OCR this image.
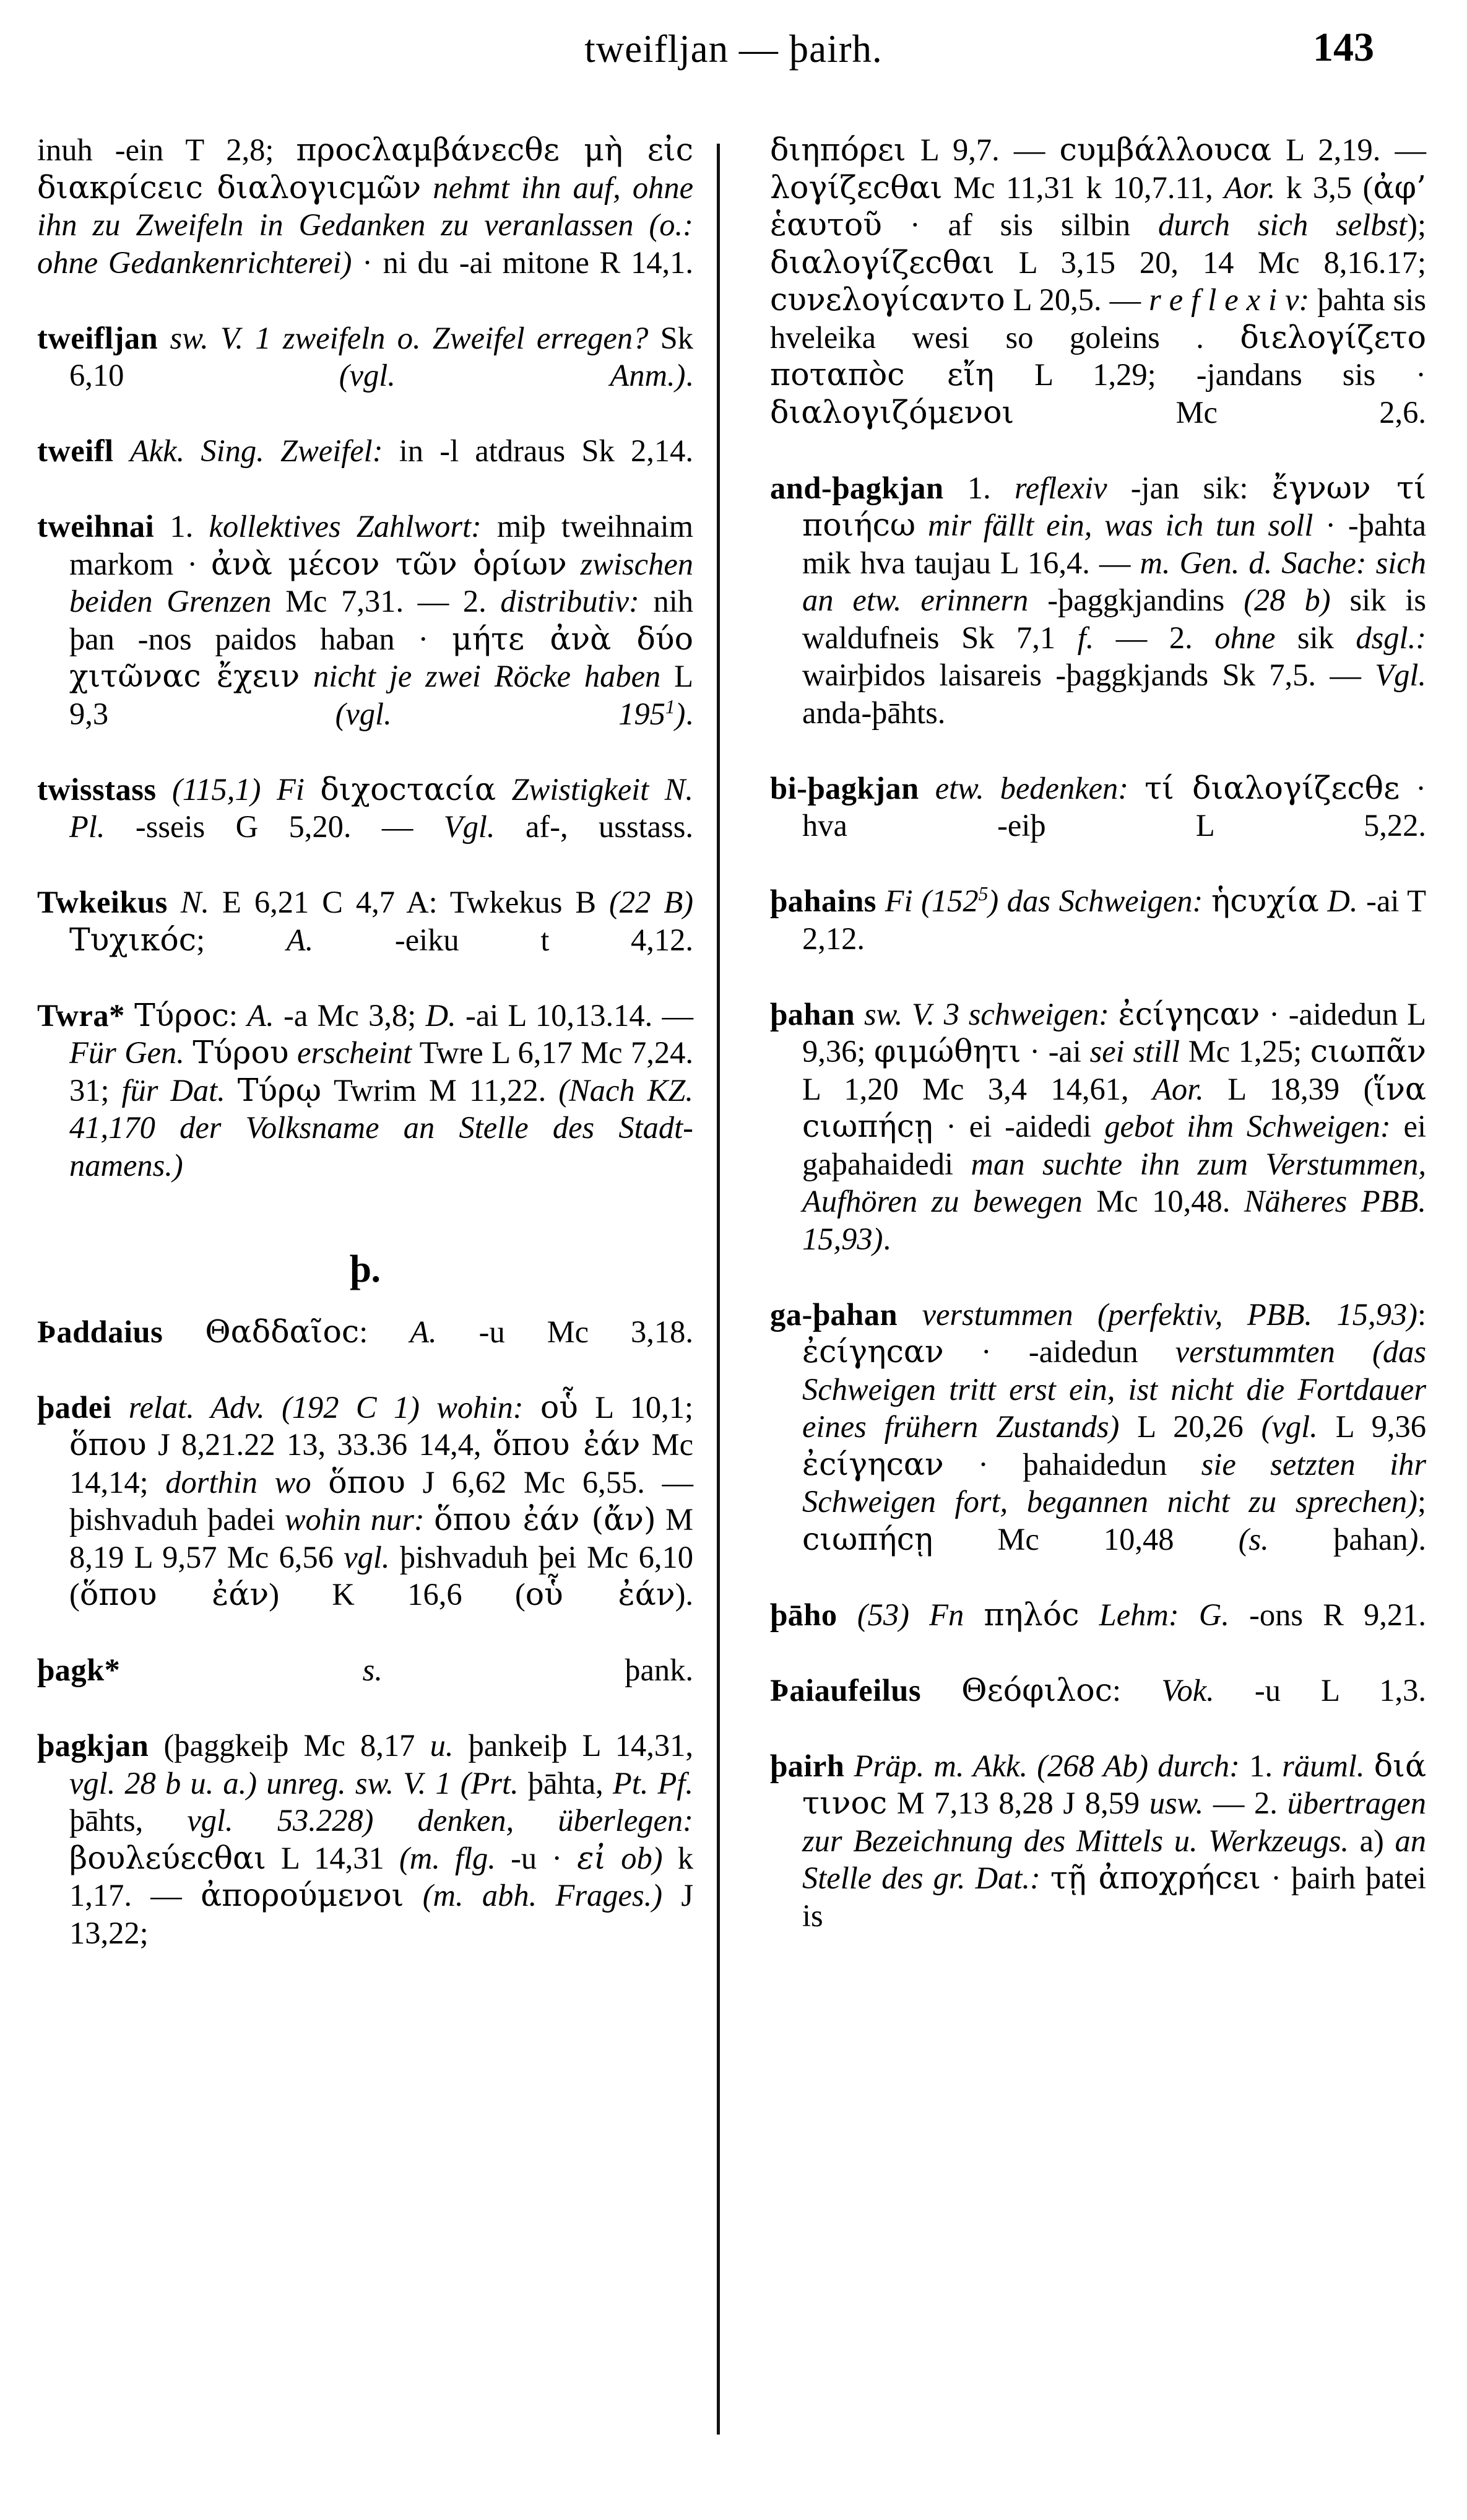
tweifljan — þairh.	143
inuh -ein T 2,8; προϲλαμβάνεϲθε μὴ εἰϲ διακρίϲειϲ διαλογιϲμῶν nehmt ihn auf, ohne ihn zu Zweifeln in Gedanken zu veranlassen (o.: ohne Gedankenrichterei) · ni du -ai mitone R 14,1.
tweifljan sw. V. 1 zweifeln o. Zweifel erregen? Sk 6,10 (vgl. Anm.).
tweifl Akk. Sing. Zweifel: in -l atdraus Sk 2,14.
tweihnai 1. kollektives Zahlwort: miþ tweihnaim markom · ἀνὰ μέϲον τῶν ὁρίων zwischen beiden Grenzen Mc 7,31. — 2. distributiv: nih þan -nos paidos haban · μήτε ἀνὰ δύο χιτῶναϲ ἔχειν nicht je zwei Röcke haben L 9,3 (vgl. $195^1$).
twisstass (115,1) Fi διχοϲταϲία Zwistigkeit N. Pl. -sseis G 5,20. — Vgl. af-, usstass.
Twkeikus N. E 6,21 C 4,7 A: Twkekus B (22 B) Τυχικόϲ; A. -eiku t 4,12.
Twra* Τύροϲ: A. -a Mc 3,8; D. -ai L 10,13.14. — Für Gen. Τύρου erscheint Twre L 6,17 Mc 7,24. 31; für Dat. Τύρῳ Twrim M 11,22. (Nach KZ. 41,170 der Volksname an Stelle des Stadtnamens.)
þ.
Þaddaius Θαδδαῖοϲ: A. -u Mc 3,18.
þadei relat. Adv. (192 C 1) wohin: οὗ L 10,1; ὅπου J 8,21.22 13, 33.36 14,4, ὅπου ἐάν Mc 14,14; dorthin wo ὅπου J 6,62 Mc 6,55. — þishvaduh þadei wohin nur: ὅπου ἐάν (ἄν) M 8,19 L 9,57 Mc 6,56 vgl. þishvaduh þei Mc 6,10 (ὅπου ἐάν) K 16,6 (οὗ ἐάν).
þagk*	s. þank.
þagkjan (þaggkeiþ Mc 8,17 u. þankeiþ L 14,31, vgl. 28 b u. a.) unreg. sw. V. 1 (Prt. þāhta, Pt. Pf. þāhts, vgl. 53.228) denken, überlegen: βουλεύεϲθαι L 14,31 (m. flg. -u · εἰ ob) k 1,17. — ἀπορούμενοι (m. abh. Frages.) J 13,22;
διηπόρει L 9,7. — ϲυμβάλλουϲα L 2,19. — λογίζεϲθαι Mc 11,31 k 10,7.11, Aor. k 3,5 (ἀφ’ ἑαυτοῦ · af sis silbin durch sich selbst); διαλογίζεϲθαι L 3,15 20, 14 Mc 8,16.17; ϲυνελογίϲαντο L 20,5. — r e f l e x i v: þahta sis hveleika wesi so goleins . διελογίζετο ποταπὸϲ εἴη L 1,29; -jandans sis · διαλογιζόμενοι Mc 2,6.
and-þagkjan 1. reflexiv -jan sik: ἔγνων τί ποιήϲω mir fällt ein, was ich tun soll · -þahta mik hva taujau L 16,4. — m. Gen. d. Sache: sich an etw. erinnern -þaggkjandins (28 b) sik is waldufneis Sk 7,1 f. — 2. ohne sik dsgl.: wairþidos laisareis -þaggkjands Sk 7,5. — Vgl. anda-þāhts.
bi-þagkjan etw. bedenken: τί διαλογίζεϲθε · hva -eiþ L 5,22.
þahains Fi $(152^5)$ das Schweigen: ἡϲυχία D. -ai T 2,12.
þahan sw. V. 3 schweigen: ἐϲίγηϲαν · -aidedun L 9,36; φιμώθητι · -ai sei still Mc 1,25; ϲιωπᾶν L 1,20 Mc 3,4 14,61, Aor. L 18,39 (ἵνα ϲιωπήϲῃ · ei -aidedi gebot ihm Schweigen: ei gaþahaidedi man suchte ihn zum Verstummen, Aufhören zu bewegen Mc 10,48. Näheres PBB. 15,93).
ga-þahan verstummen (perfektiv, PBB. 15,93): ἐϲίγηϲαν · -aidedun verstummten (das Schweigen tritt erst ein, ist nicht die Fortdauer eines frühern Zustands) L 20,26 (vgl. L 9,36 ἐϲίγηϲαν · þahaidedun sie setzten ihr Schweigen fort, begannen nicht zu sprechen); ϲιωπήϲῃ Mc 10,48 (s. þahan).
þāho (53) Fn πηλόϲ Lehm: G. -ons R 9,21.
Þaiaufeilus Θεόφιλοϲ: Vok. -u L 1,3.
þairh Präp. m. Akk. (268 Ab) durch: 1. räuml. διά τινοϲ M 7,13 8,28 J 8,59 usw. — 2. übertragen zur Bezeichnung des Mittels u. Werkzeugs. a) an Stelle des gr. Dat.: τῇ ἀποχρήϲει · þairh þatei is
